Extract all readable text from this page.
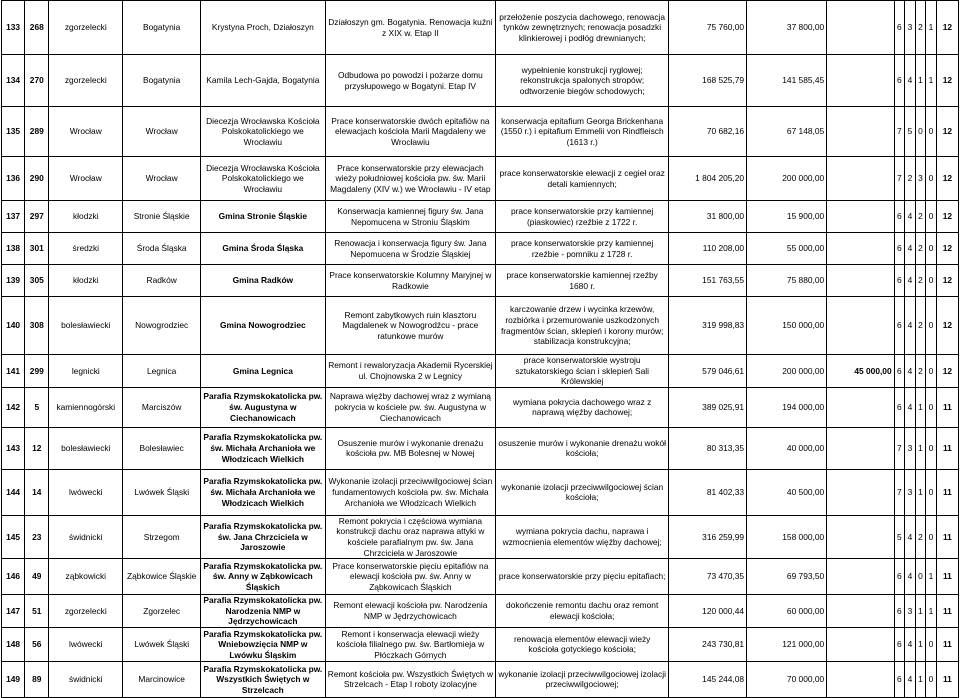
133	268	zgorzelecki	Bogatynia	Krystyna Proch, Działoszyn	Działoszyn gm. Bogatynia. Renowacja kuźni z XIX w. Etap II	przełożenie poszycia dachowego, renowacja tynków zewnętrznych; renowacja posadzki klinkierowej i podłóg drewnianych;	75 760,00	37 800,00		6	3	2	1	12
134	270	zgorzelecki	Bogatynia	Kamila Lech-Gajda, Bogatynia	Odbudowa po powodzi i pożarze domu przysłupowego w Bogatyni. Etap IV	wypełnienie konstrukcji ryglowej; rekonstrukcja spalonych stropów; odtworzenie biegów schodowych;	168 525,79	141 585,45		6	4	1	1	12
135	289	Wrocław	Wrocław	Diecezja Wrocławska Kościoła Polskokatolickiego we Wrocławiu	Prace konserwatorskie dwóch epitafiów na elewacjach kościoła Marii Magdaleny we Wrocławiu	konserwacja epitafium Georga Brickenhana (1550 r.) i epitafium Emmelii von Rindfleisch (1613 r.)	70 682,16	67 148,05		7	5	0	0	12
136	290	Wrocław	Wrocław	Diecezja Wrocławska Kościoła Polskokatolickiego we Wrocławiu	Prace konserwatorskie przy elewacjach wieży południowej kościoła pw. św. Marii Magdaleny (XIV w.) we Wrocławiu - IV etap	prace konserwatorskie elewacji z cegieł oraz detali kamiennych;	1 804 205,20	200 000,00		7	2	3	0	12
137	297	kłodzki	Stronie Śląskie	Gmina Stronie Śląskie	Konserwacja kamiennej figury św. Jana Nepomucena w Stroniu Śląskim	prace konserwatorskie przy kamiennej (piaskowiec) rzeźbie z 1722 r.	31 800,00	15 900,00		6	4	2	0	12
138	301	średzki	Środa Śląska	Gmina Środa Śląska	Renowacja i konserwacja figury św. Jana Nepomucena w Środzie Śląskiej	prace konserwatorskie przy kamiennej rzeźbie - pomniku z 1728 r.	110 208,00	55 000,00		6	4	2	0	12
139	305	kłodzki	Radków	Gmina Radków	Prace konserwatorskie Kolumny Maryjnej w Radkowie	prace konserwatorskie kamiennej rzeźby 1680 r.	151 763,55	75 880,00		6	4	2	0	12
140	308	bolesławiecki	Nowogrodziec	Gmina Nowogrodziec	Remont zabytkowych ruin klasztoru Magdalenek w Nowogrodźcu - prace ratunkowe murów	karczowanie drzew i wycinka krzewów, rozbiórka i przemurowanie uszkodzonych fragmentów ścian, sklepień i korony murów; stabilizacja konstrukcyjna;	319 998,83	150 000,00		6	4	2	0	12
141	299	legnicki	Legnica	Gmina Legnica	Remont i rewaloryzacja Akademii Rycerskiej ul. Chojnowska 2 w Legnicy	prace konserwatorskie wystroju sztukatorskiego ścian i sklepień Sali Królewskiej	579 046,61	200 000,00	45 000,00	6	4	2	0	12
142	5	kamiennogórski	Marciszów	Parafia Rzymskokatolicka pw. św. Augustyna w Ciechanowicach	Naprawa więźby dachowej wraz z wymianą pokrycia w kościele pw. św. Augustyna w Ciechanowicach	wymiana pokrycia dachowego wraz z naprawą więźby dachowej;	389 025,91	194 000,00		6	4	1	0	11
143	12	bolesławiecki	Bolesławiec	Parafia Rzymskokatolicka pw. św. Michała Archanioła we Włodzicach Wielkich	Osuszenie murów i wykonanie drenażu kościoła pw. MB Bolesnej w Nowej	osuszenie murów i wykonanie drenażu wokół kościoła;	80 313,35	40 000,00		7	3	1	0	11
144	14	lwówecki	Lwówek Śląski	Parafia Rzymskokatolicka pw. św. Michała Archanioła we Włodzicach Wielkich	Wykonanie izolacji przeciwwilgociowej ścian fundamentowych kościoła pw. św. Michała Archanioła we Włodzicach Wielkich	wykonanie izolacji przeciwwilgociowej ścian kościoła;	81 402,33	40 500,00		7	3	1	0	11
145	23	świdnicki	Strzegom	Parafia Rzymskokatolicka pw. św. Jana Chrzciciela w Jaroszowie	Remont pokrycia i częściowa wymiana konstrukcji dachu oraz naprawa attyki w kościele parafialnym pw. św. Jana Chrzciciela w Jaroszowie	wymiana pokrycia dachu, naprawa i wzmocnienia elementów więźby dachowej;	316 259,99	158 000,00		5	4	2	0	11
146	49	ząbkowicki	Ząbkowice Śląskie	Parafia Rzymskokatolicka pw. św. Anny w Ząbkowicach Śląskich	Prace konserwatorskie pięciu epitafiów na elewacji kościoła pw. św. Anny w Ząbkowicach Śląskich	prace konserwatorskie przy pięciu epitafiach;	73 470,35	69 793,50		6	4	0	1	11
147	51	zgorzelecki	Zgorzelec	Parafia Rzymskokatolicka pw. Narodzenia NMP w Jędrzychowicach	Remont elewacji kościoła pw. Narodzenia NMP w Jędrzychowicach	dokończenie remontu dachu oraz remont elewacji kościoła;	120 000,44	60 000,00		6	3	1	1	11
148	56	lwówecki	Lwówek Śląski	Parafia Rzymskokatolicka pw. Wniebowzięcia NMP w Lwówku Śląskim	Remont i konserwacja elewacji wieży kościoła filialnego pw. św. Bartłomieja w Płóczkach Górnych	renowacja elementów elewacji wieży kościoła gotyckiego kościoła;	243 730,81	121 000,00		6	4	1	0	11
149	89	świdnicki	Marcinowice	Parafia Rzymskokatolicka pw. Wszystkich Świętych w Strzelcach	Remont kościoła pw. Wszystkich Świętych w Strzelcach - Etap I roboty izolacyjne	wykonanie izolacji przeciwwilgociowej izolacji przeciwwilgociowej;	145 244,08	70 000,00		6	4	1	0	11
